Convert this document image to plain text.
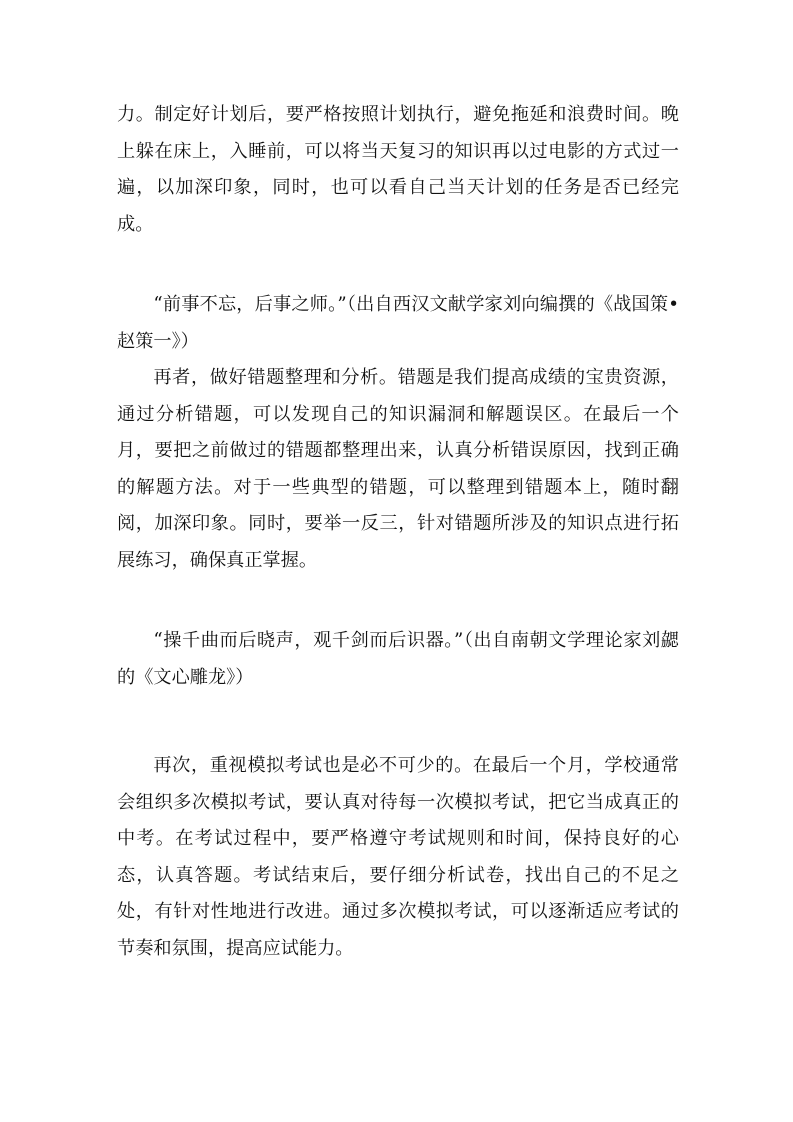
力。制定好计划后，要严格按照计划执行，避免拖延和浪费时间。晚上躲在床上，入睡前，可以将当天复习的知识再以过电影的方式过一遍，以加深印象，同时，也可以看自己当天计划的任务是否已经完成。

“前事不忘，后事之师。”（出自西汉文献学家刘向编撰的《战国策•赵策一》）

再者，做好错题整理和分析。错题是我们提高成绩的宝贵资源，通过分析错题，可以发现自己的知识漏洞和解题误区。在最后一个月，要把之前做过的错题都整理出来，认真分析错误原因，找到正确的解题方法。对于一些典型的错题，可以整理到错题本上，随时翻阅，加深印象。同时，要举一反三，针对错题所涉及的知识点进行拓展练习，确保真正掌握。

“操千曲而后晓声，观千剑而后识器。”（出自南朝文学理论家刘勰的《文心雕龙》）

再次，重视模拟考试也是必不可少的。在最后一个月，学校通常会组织多次模拟考试，要认真对待每一次模拟考试，把它当成真正的中考。在考试过程中，要严格遵守考试规则和时间，保持良好的心态，认真答题。考试结束后，要仔细分析试卷，找出自己的不足之处，有针对性地进行改进。通过多次模拟考试，可以逐渐适应考试的节奏和氛围，提高应试能力。
